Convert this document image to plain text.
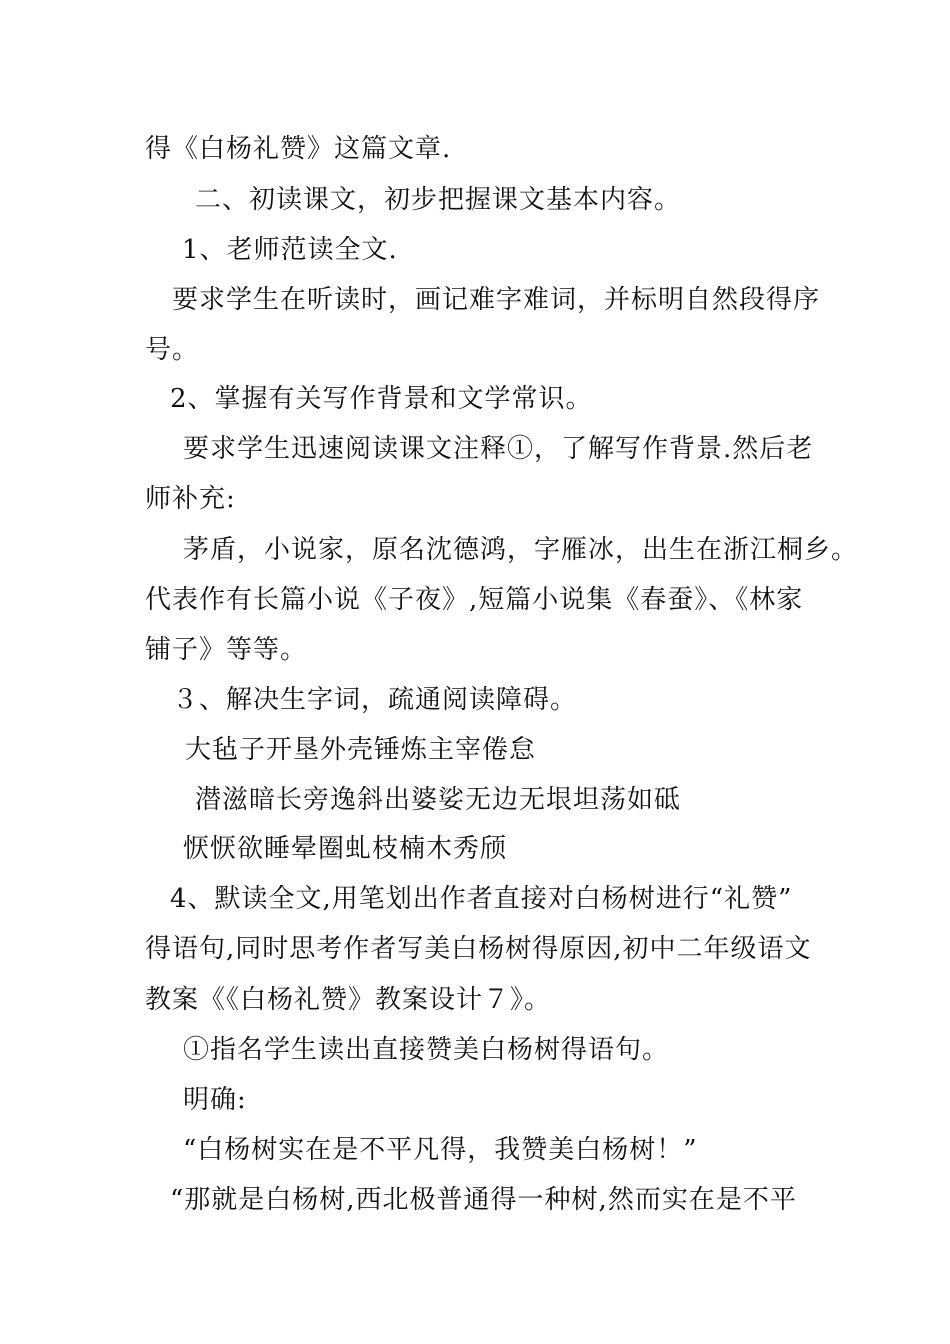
得《白杨礼赞》这篇文章.
二、初读课文，初步把握课文基本内容。
1、老师范读全文.
要求学生在听读时，画记难字难词，并标明自然段得序
号。
2、掌握有关写作背景和文学常识。
要求学生迅速阅读课文注释①，了解写作背景.然后老
师补充:
茅盾，小说家，原名沈德鸿，字雁冰，出生在浙江桐乡。
代表作有长篇小说《子夜》,短篇小说集《春蚕》、《林家
铺子》等等。
３、解决生字词，疏通阅读障碍。
大毡子开垦外壳锤炼主宰倦怠
潜滋暗长旁逸斜出婆娑无边无垠坦荡如砥
恹恹欲睡晕圈虬枝楠木秀颀
4、默读全文,用笔划出作者直接对白杨树进行“礼赞”
得语句,同时思考作者写美白杨树得原因,初中二年级语文
教案《《白杨礼赞》教案设计７》。
①指名学生读出直接赞美白杨树得语句。
明确:
“白杨树实在是不平凡得，我赞美白杨树！”
“那就是白杨树,西北极普通得一种树,然而实在是不平
